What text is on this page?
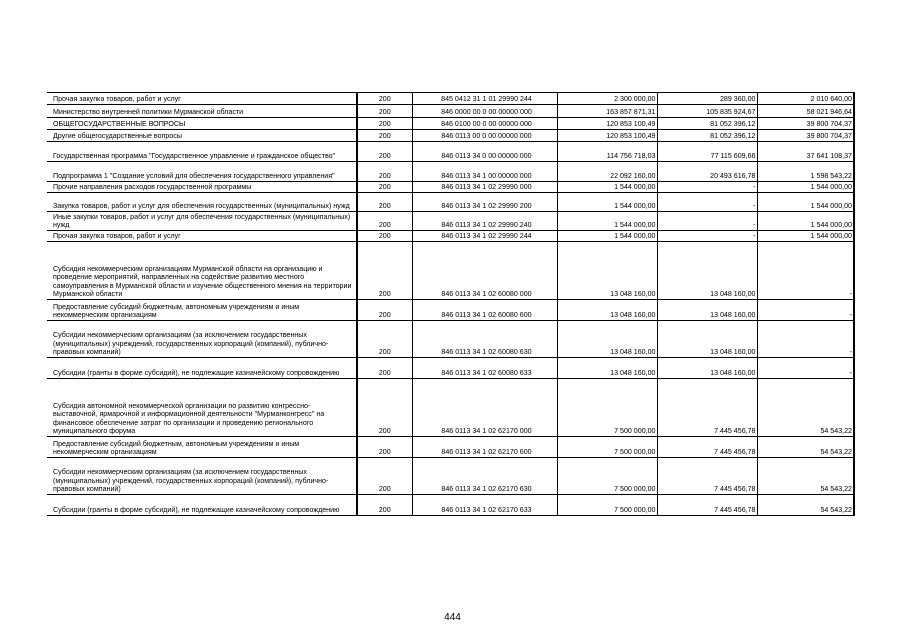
Прочая закупка товаров, работ и услуг	200	845 0412 31 1 01 29990 244	2 300 000,00	289 360,00	2 010 640,00
Министерство внутренней политики Мурманской области	200	846 0000 00 0 00 00000 000	163 857 871,31	105 835 924,67	58 021 946,64
ОБЩЕГОСУДАРСТВЕННЫЕ ВОПРОСЫ	200	846 0100 00 0 00 00000 000	120 853 100,49	81 052 396,12	39 800 704,37
Другие общегосударственные вопросы	200	846 0113 00 0 00 00000 000	120 853 100,49	81 052 396,12	39 800 704,37
Государственная программа "Государственное управление и гражданское общество"	200	846 0113 34 0 00 00000 000	114 756 718,03	77 115 609,66	37 641 108,37
Подпрограмма 1 "Создание условий для обеспечения государственного управления"	200	846 0113 34 1 00 00000 000	22 092 160,00	20 493 616,78	1 598 543,22
Прочие направления расходов государственной программы	200	846 0113 34 1 02 29990 000	1 544 000,00	-	1 544 000,00
Закупка товаров, работ и услуг для обеспечения государственных (муниципальных) нужд	200	846 0113 34 1 02 29990 200	1 544 000,00	-	1 544 000,00
Иные закупки товаров, работ и услуг для обеспечения государственных (муниципальных) нужд	200	846 0113 34 1 02 29990 240	1 544 000,00	-	1 544 000,00
Прочая закупка товаров, работ и услуг	200	846 0113 34 1 02 29990 244	1 544 000,00	-	1 544 000,00
Субсидия некоммерческим организациям Мурманской области на организацию и проведение мероприятий, направленных на содействие развитию местного самоуправления в Мурманской области и изучение общественного мнения на территории Мурманской области	200	846 0113 34 1 02 60080 000	13 048 160,00	13 048 160,00	-
Предоставление субсидий бюджетным, автономным учреждениям и иным некоммерческим организациям	200	846 0113 34 1 02 60080 600	13 048 160,00	13 048 160,00	-
Субсидии некоммерческим организациям (за исключением государственных (муниципальных) учреждений, государственных корпораций (компаний), публично-правовых компаний)	200	846 0113 34 1 02 60080 630	13 048 160,00	13 048 160,00	-
Субсидии (гранты в форме субсидий), не подлежащие казначейскому сопровождению	200	846 0113 34 1 02 60080 633	13 048 160,00	13 048 160,00	-
Субсидия автономной некоммерческой организации по развитию конгрессно-выставочной, ярмарочной и информационной деятельности "Мурманконгресс" на финансовое обеспечение затрат по организации и проведению регионального муниципального форума	200	846 0113 34 1 02 62170 000	7 500 000,00	7 445 456,78	54 543,22
Предоставление субсидий бюджетным, автономным учреждениям и иным некоммерческим организациям	200	846 0113 34 1 02 62170 600	7 500 000,00	7 445 456,78	54 543,22
Субсидии некоммерческим организациям (за исключением государственных (муниципальных) учреждений, государственных корпораций (компаний), публично-правовых компаний)	200	846 0113 34 1 02 62170 630	7 500 000,00	7 445 456,78	54 543,22
Субсидии (гранты в форме субсидий), не подлежащие казначейскому сопровождению	200	846 0113 34 1 02 62170 633	7 500 000,00	7 445 456,78	54 543,22
444
